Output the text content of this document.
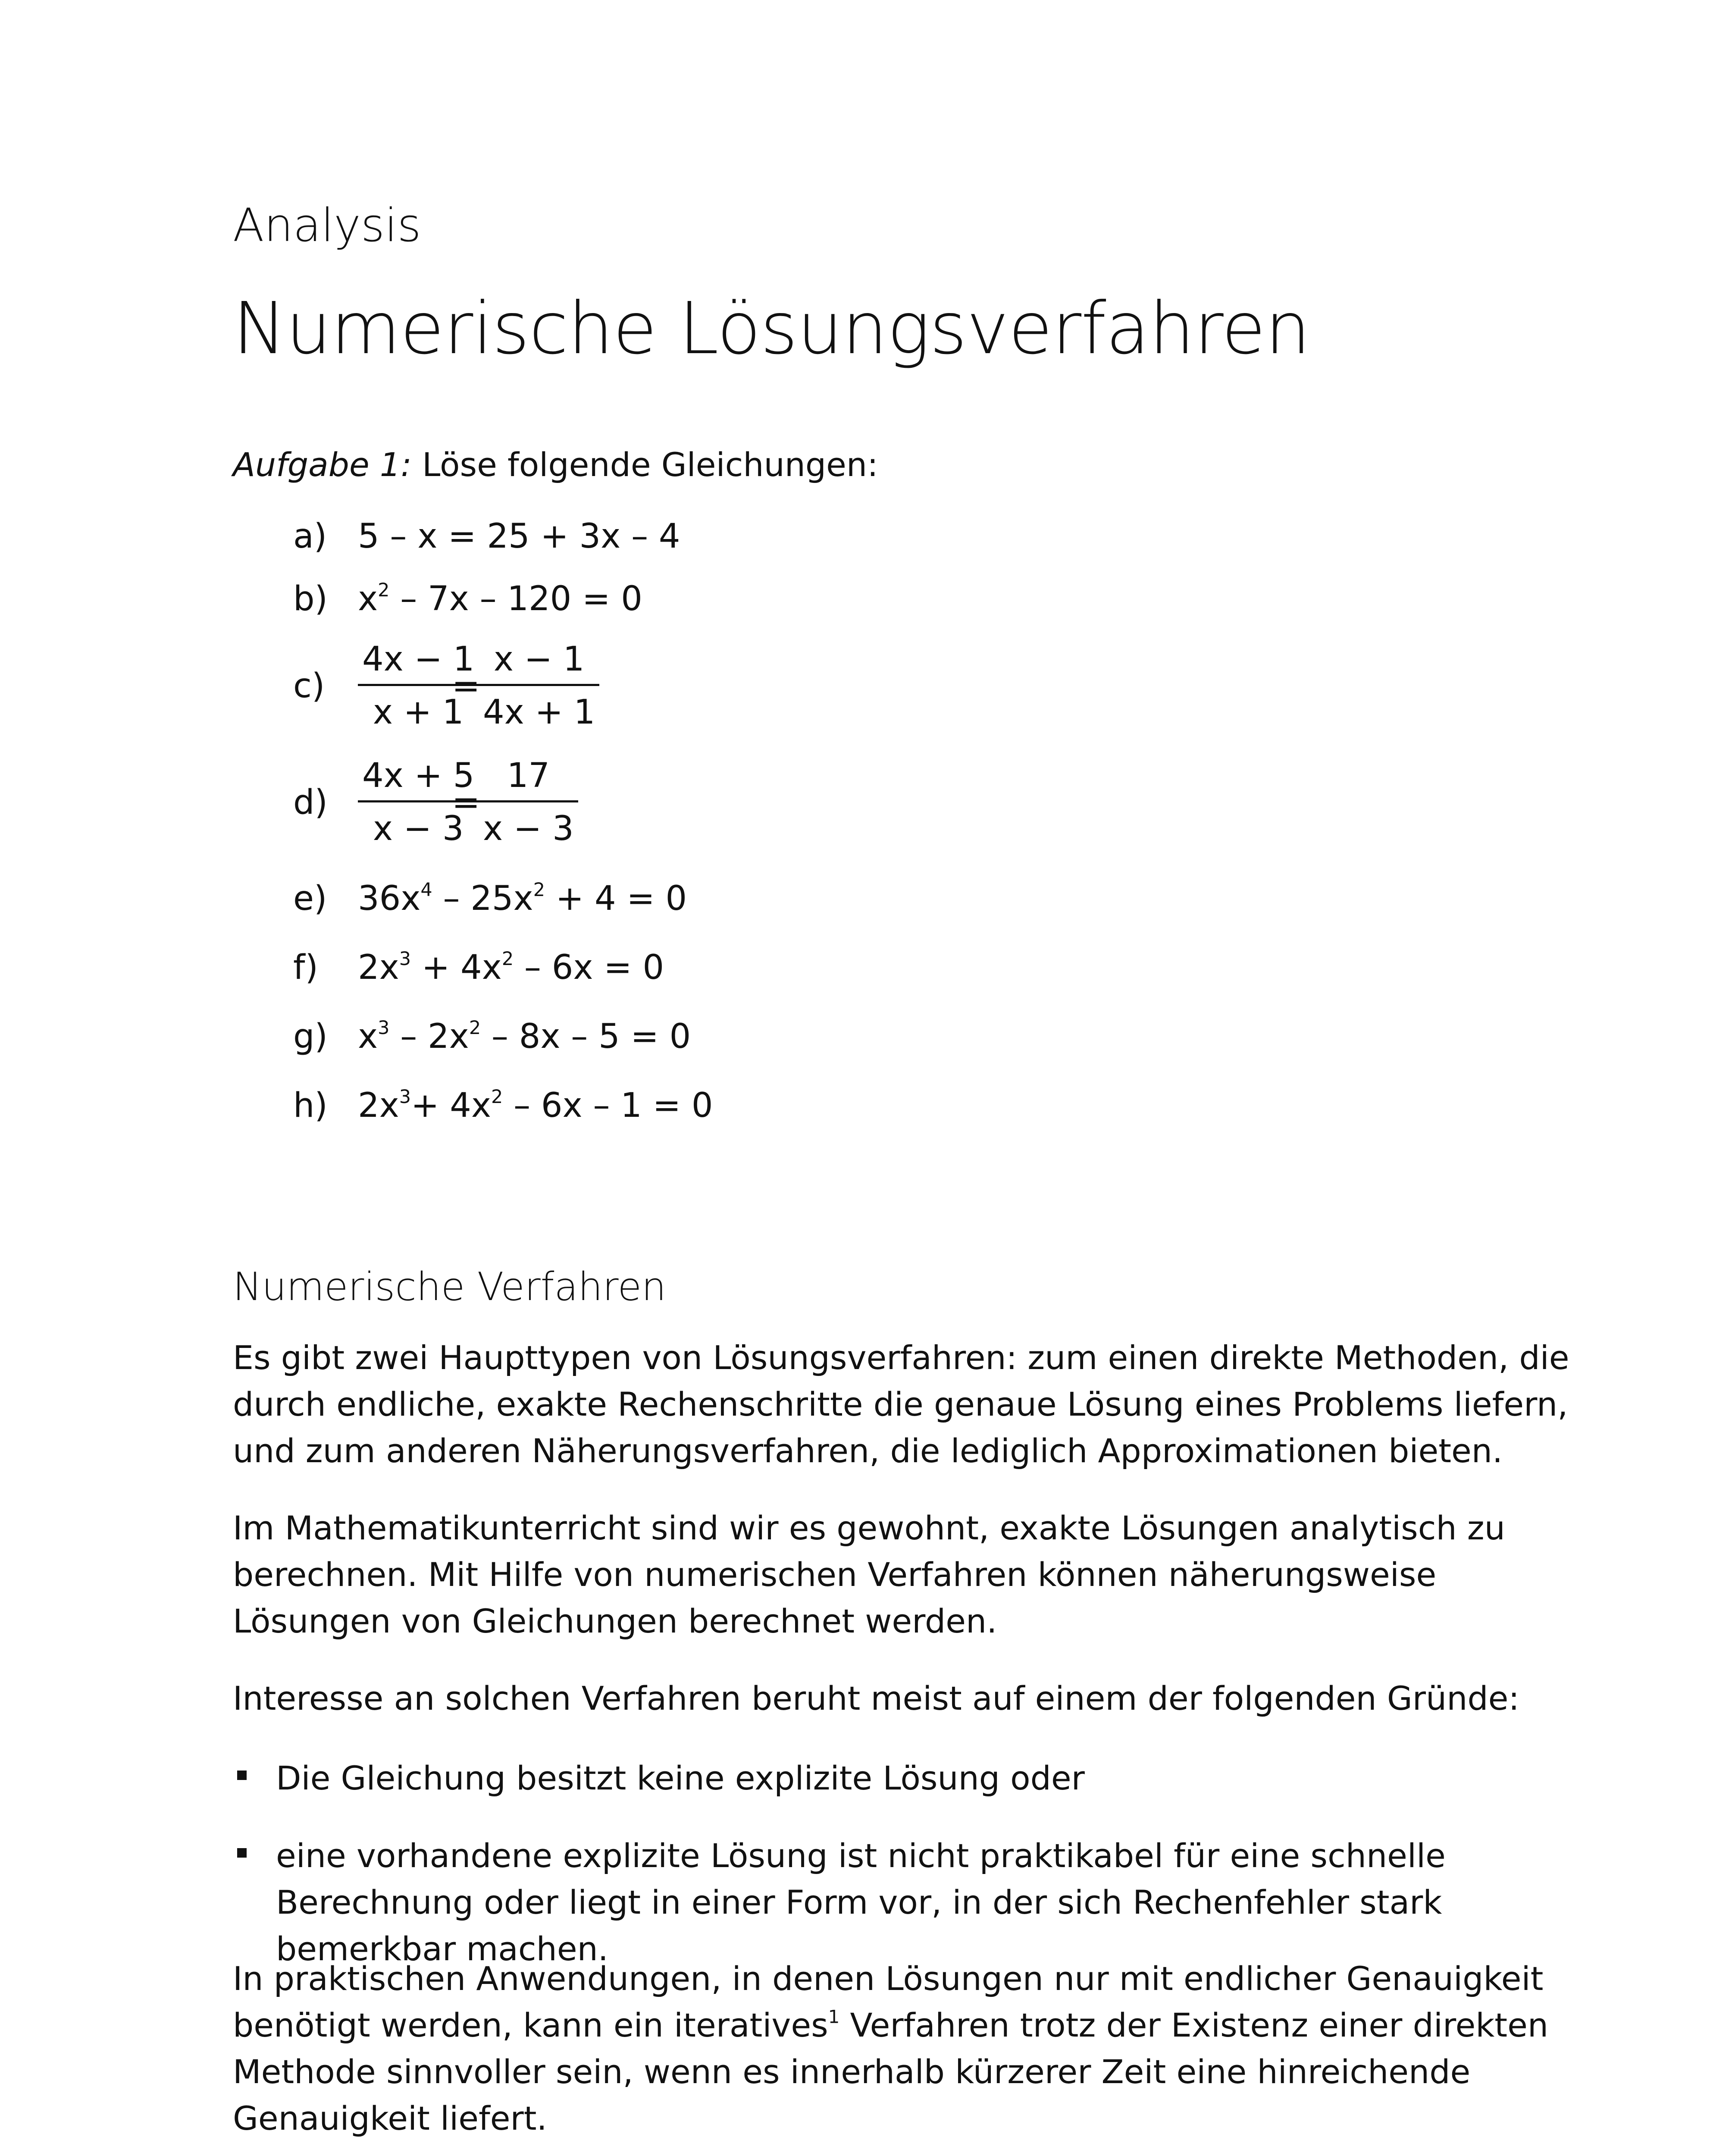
Analysis
Numerische Lösungsverfahren
Aufgabe 1: Löse folgende Gleichungen:
a) 5 – x = 25 + 3x – 4
b) $x^2 - 7x - 120 = 0$
$c) \frac{4x - 1}{x + 1}$
=
$\frac{x - 1}{4x + 1}$
$d) \frac{4x + 5}{x - 3}$
=
$\frac{17}{x - 3}$
e) $36x^4 - 25x^2 + 4 = 0$
f) $2x^3 + 4x^2 - 6x = 0$
g) $x^3 - 2x^2 - 8x - 5 = 0$
h) $2x^3+ 4x^2 - 6x - 1 = 0$
Numerische Verfahren
Es gibt zwei Haupttypen von Lösungsverfahren: zum einen direkte Methoden, die durch endliche, exakte Rechenschritte die genaue Lösung eines Problems liefern, und zum anderen Näherungsverfahren, die lediglich Approximationen bieten.
Im Mathematikunterricht sind wir es gewohnt, exakte Lösungen analytisch zu berechnen. Mit Hilfe von numerischen Verfahren können näherungsweise Lösungen von Gleichungen berechnet werden.
Interesse an solchen Verfahren beruht meist auf einem der folgenden Gründe:
Die Gleichung besitzt keine explizite Lösung oder
eine vorhandene explizite Lösung ist nicht praktikabel für eine schnelle Berechnung oder liegt in einer Form vor, in der sich Rechenfehler stark bemerkbar machen.
In praktischen Anwendungen, in denen Lösungen nur mit endlicher Genauigkeit benötigt werden, kann ein iteratives$^1$ Verfahren trotz der Existenz einer direkten Methode sinnvoller sein, wenn es innerhalb kürzerer Zeit eine hinreichende Genauigkeit liefert.
